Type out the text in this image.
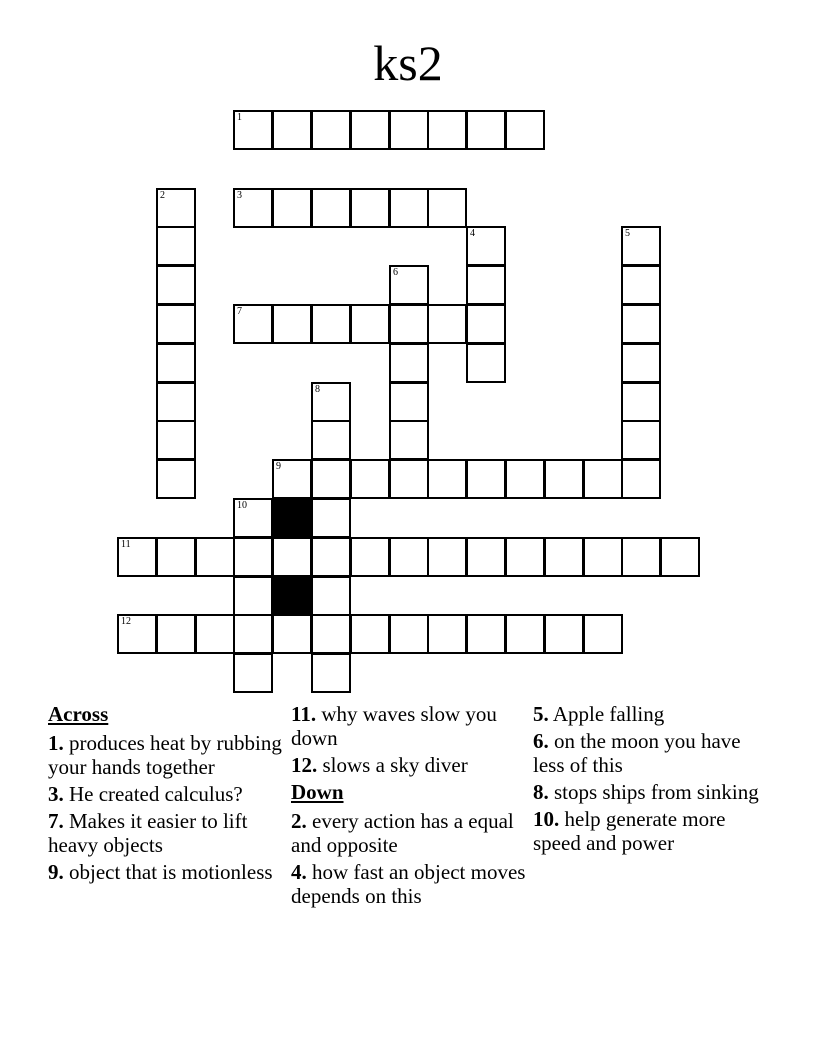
ks2
1
3
7
9
11
12
2
4	5
6
8
10
Across
1. produces heat by rubbing your hands together
3. He created calculus?
7. Makes it easier to lift heavy objects
9. object that is motionless
11. why waves slow you down
12. slows a sky diver
Down
2. every action has a equal and opposite
4. how fast an object moves depends on this
5. Apple falling
6. on the moon you have less of this
8. stops ships from sinking
10. help generate more speed and power
